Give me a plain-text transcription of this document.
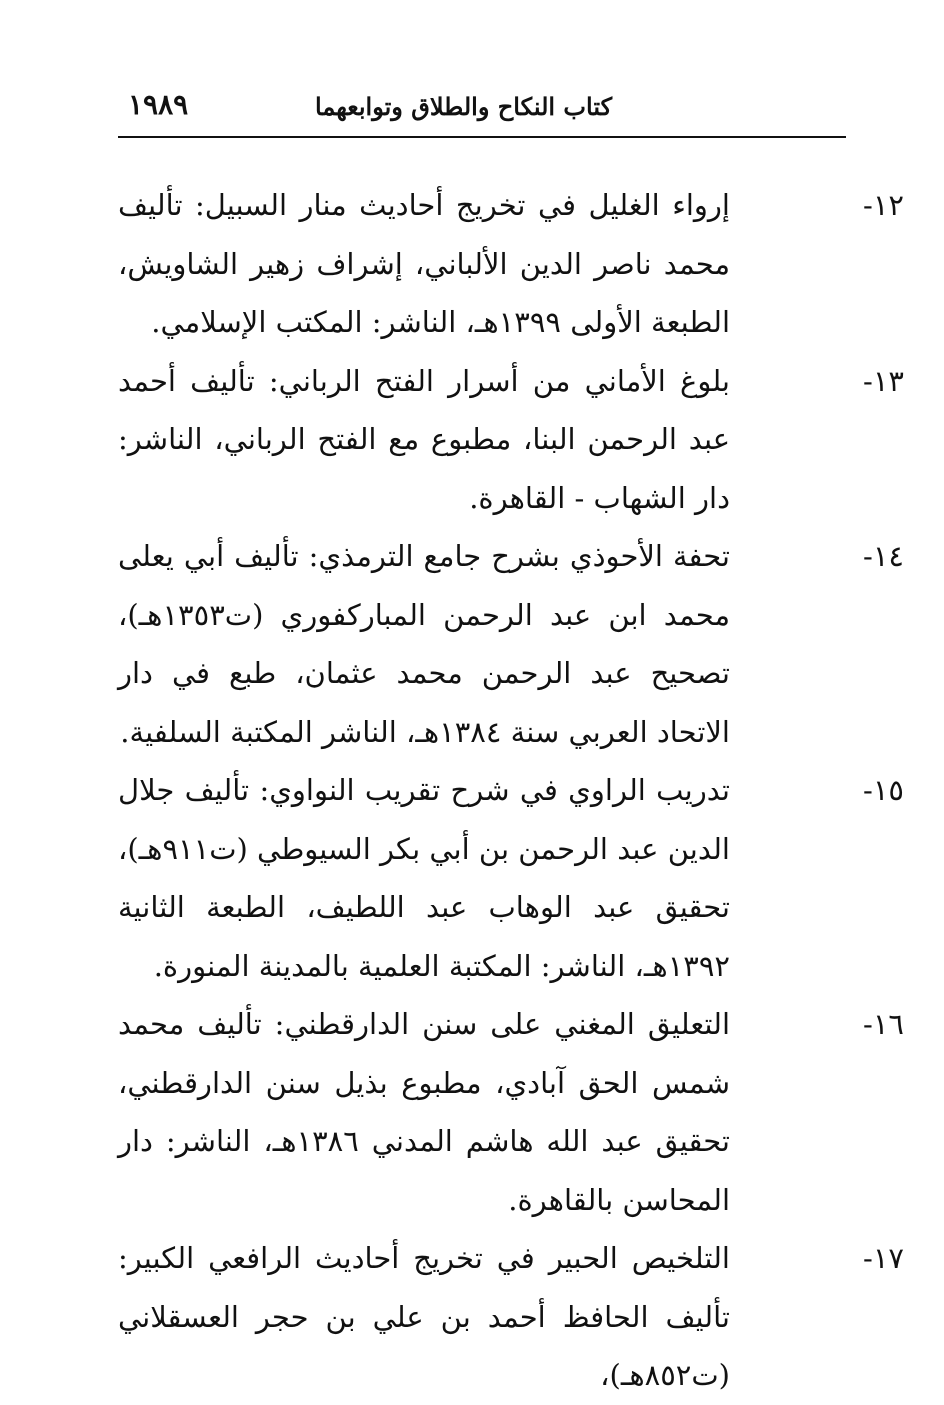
كتاب النكاح والطلاق وتوابعهما
١٩٨٩
١٢-

إرواء الغليل في تخريج أحاديث منار السبيل: تأليف محمد ناصر الدين الألباني، إشراف زهير الشاويش، الطبعة الأولى ١٣٩٩هـ، الناشر: المكتب الإسلامي.

١٣-

بلوغ الأماني من أسرار الفتح الرباني: تأليف أحمد عبد الرحمن البنا، مطبوع مع الفتح الرباني، الناشر: دار الشهاب - القاهرة.

١٤-

تحفة الأحوذي بشرح جامع الترمذي: تأليف أبي يعلى محمد ابن عبد الرحمن المباركفوري (ت١٣٥٣هـ)، تصحيح عبد الرحمن محمد عثمان، طبع في دار الاتحاد العربي سنة ١٣٨٤هـ، الناشر المكتبة السلفية.

١٥-

تدريب الراوي في شرح تقريب النواوي: تأليف جلال الدين عبد الرحمن بن أبي بكر السيوطي (ت٩١١هـ)، تحقيق عبد الوهاب عبد اللطيف، الطبعة الثانية ١٣٩٢هـ، الناشر: المكتبة العلمية بالمدينة المنورة.

١٦-

التعليق المغني على سنن الدارقطني: تأليف محمد شمس الحق آبادي، مطبوع بذيل سنن الدارقطني، تحقيق عبد الله هاشم المدني ١٣٨٦هـ، الناشر: دار المحاسن بالقاهرة.

١٧-

التلخيص الحبير في تخريج أحاديث الرافعي الكبير: تأليف الحافظ أحمد بن علي بن حجر العسقلاني (ت٨٥٢هـ)،
